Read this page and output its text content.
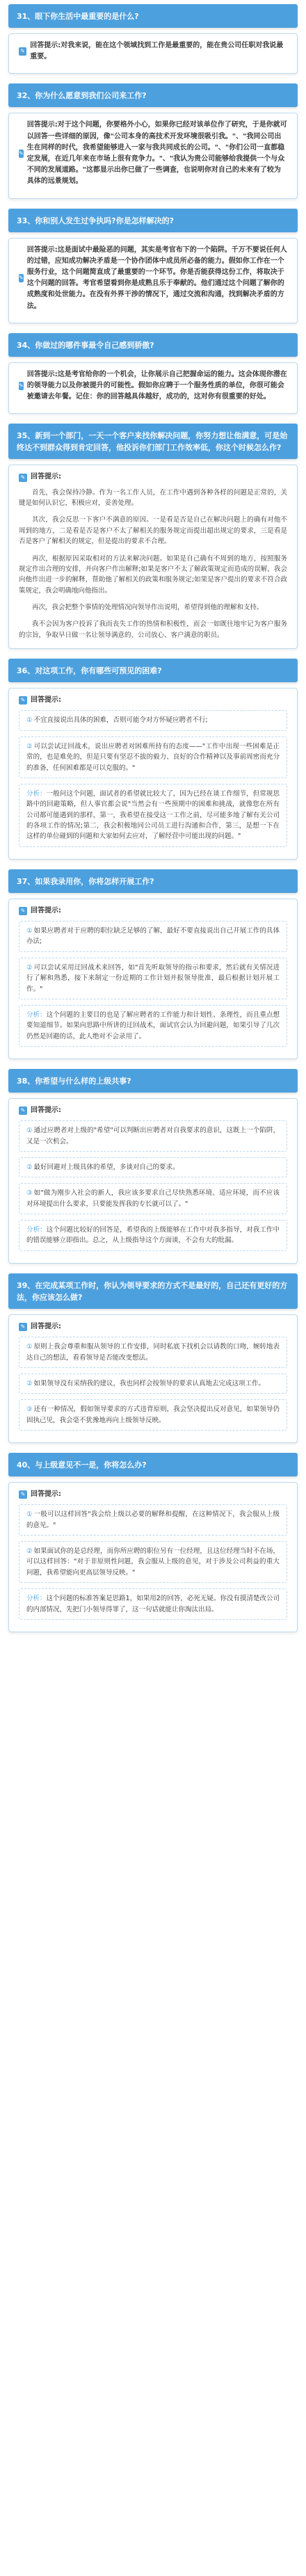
31、眼下你生活中最重要的是什么?
✎
回答提示:对我来说，能在这个领域找到工作是最重要的，能在贵公司任职对我说最重要。
32、你为什么愿意到我们公司来工作?
✎
回答提示:对于这个问题，你要格外小心，如果你已经对该单位作了研究，于是你就可以回答一些详细的原因，像"公司本身的高技术开发环境很吸引我。"、"我同公司出生在同样的时代，我希望能够进入一家与我共同成长的公司。"、"你们公司一直都稳定发展，在近几年来在市场上很有竞争力。"、"我认为贵公司能够给我提供一个与众不同的发展道路。"这都显示出你已做了一些调查，也说明你对自己的未来有了较为具体的远景规划。
33、你和别人发生过争执吗?你是怎样解决的?
✎
回答提示:这是面试中最险恶的问题，其实是考官布下的一个陷阱。千万不要说任何人的过错，应知成功解决矛盾是一个协作团体中成员所必备的能力。假如你工作在一个服务行业，这个问题简直成了最重要的一个环节。你是否能获得这份工作，将取决于这个问题的回答。考官希望看到你是成熟且乐于奉献的。他们通过这个问题了解你的成熟度和处世能力。在没有外界干涉的情况下，通过交流和沟通，找到解决矛盾的方法。
34、你做过的哪件事最令自己感到骄傲?
✎
回答提示:这是考官给你的一个机会，让你展示自己把握命运的能力。这会体现你潜在的领导能力以及你被提升的可能性。假如你应聘于一个服务性质的单位，你很可能会被邀请去年餐。记住：你的回答越具体越好，成功的，这对你有很重要的好处。
35、新到一个部门，一天一个客户来找你解决问题，你努力想让他满意，可是始终达不到群众得到肯定回答，他投诉你们部门工作效率低，你这个时候怎么作?
✎ 回答提示:

首先，我会保持冷静。作为一名工作人员，在工作中遇到各种各样的问题是正常的，关键是如何认识它，积极应对，妥善处理。

其次，我会反思一下客户不满意的原因。一是看是否是自己在解决问题上的确有对他不周到的地方，二是看是否是客户不太了解相关的服务规定而提出超出规定的要求，三是看是否是客户了解相关的规定，但是提出的要求不合理。

再次，根据原因采取相对的方法来解决问题。如果是自己确有不周到的地方，按照服务规定作出合理的安排，并向客户作出解释;如果是客户不太了解政策规定而造成的误解，我会向他作出进一步的解释，帮助他了解相关的政策和服务规定;如果是客户提出的要求不符合政策规定，我会明确地向他指出。

再次，我会把整个事情的处理情况向领导作出说明，希望得到他的理解和支持。

我不会因为客户投诉了我而丧失工作的热情和积极性，而会一如既往地牢记为客户服务的宗旨，争取早日做一名让领导满意的、公司放心、客户满意的职员。

36、对这项工作，你有哪些可预见的困难?
✎ 回答提示:
① 不宜直接说出具体的困难，否则可能令对方怀疑应聘者不行;
② 可以尝试迂回战术，说出应聘者对困难所持有的态度——"工作中出现一些困难是正常的，也是难免的，但是只要有坚忍不拔的毅力、良好的合作精神以及事前周密而充分的准备，任何困难都是可以克服的。"
分析：一般问这个问题，面试者的希望就比较大了，因为已经在谈工作细节，但常规思路中的回避策略，但人事官都会说"当然会有一些预期中的困难和挑战，就像您在所有公司都可能遇到的那样，第一，我希望在接受这一工作之前，尽可能多地了解有关公司的各项工作的情况;第二，我会积极地同公司员工进行沟通和合作，第三，是想一下在这样的单位碰到的问题和大家如何去应对，了解经营中可能出现的问题。"
37、如果我录用你，你将怎样开展工作?
✎ 回答提示:
① 如果应聘者对于应聘的职位缺乏足够的了解，最好不要直接说出自己开展工作的具体办法;
② 可以尝试采用迂回战术来回答，如"首先听取领导的指示和要求，然后就有关情况进行了解和熟悉，接下来制定一份近期的工作计划并报领导批准，最后根据计划开展工作。"
分析：这个问题的主要目的也是了解应聘者的工作能力和计划性、条理性，而且重点想要知道细节。如果向思路中所讲的迂回战术，面试官会认为回避问题，如果引导了几次仍然是回避的话，此人绝对不会录用了。
38、你希望与什么样的上级共事?
✎ 回答提示:
① 通过应聘者对上级的"希望"可以判断出应聘者对自我要求的意识，这既上一个陷阱，又是一次机会。
② 最好回避对上级具体的希望，多谈对自己的要求。
③ 如"做为刚步入社会的新人，我应该多要求自己尽快熟悉环境、适应环境，而不应该对环境提出什么要求，只要能发挥我的专长就可以了。"
分析：这个问题比较好的回答是，希望我的上级能够在工作中对我多指导，对我工作中的错误能够立即指出。总之，从上级指导这个方面谈，不会有大的纰漏。
39、在完成某项工作时，你认为领导要求的方式不是最好的，自己还有更好的方法，你应该怎么做?
✎ 回答提示:
① 原则上我会尊重和服从领导的工作安排，同时私底下找机会以请教的口吻，婉转地表达自己的想法，看看领导是否能改变想法。
② 如果领导没有采纳我的建议，我也同样会按领导的要求认真地去完成这项工作。
③ 还有一种情况，假如领导要求的方式违背原则，我会坚决提出反对意见，如果领导仍固执己见，我会毫不犹豫地再向上级领导反映。
40、与上级意见不一是，你将怎么办?
✎ 回答提示:
① 一般可以这样回答"我会给上级以必要的解释和提醒，在这种情况下，我会服从上级的意见。"
② 如果面试你的是总经理，而你所应聘的职位另有一位经理，且这位经理当时不在场，可以这样回答："对于非原则性问题，我会服从上级的意见，对于涉及公司利益的重大问题，我希望能向更高层领导反映。"
分析：这个问题的标准答案是思路1，如果用2的回答，必死无疑。你没有摸清楚改公司的内部情况，先把门小领导得罪了，这一句话就能让你淘汰出局。
